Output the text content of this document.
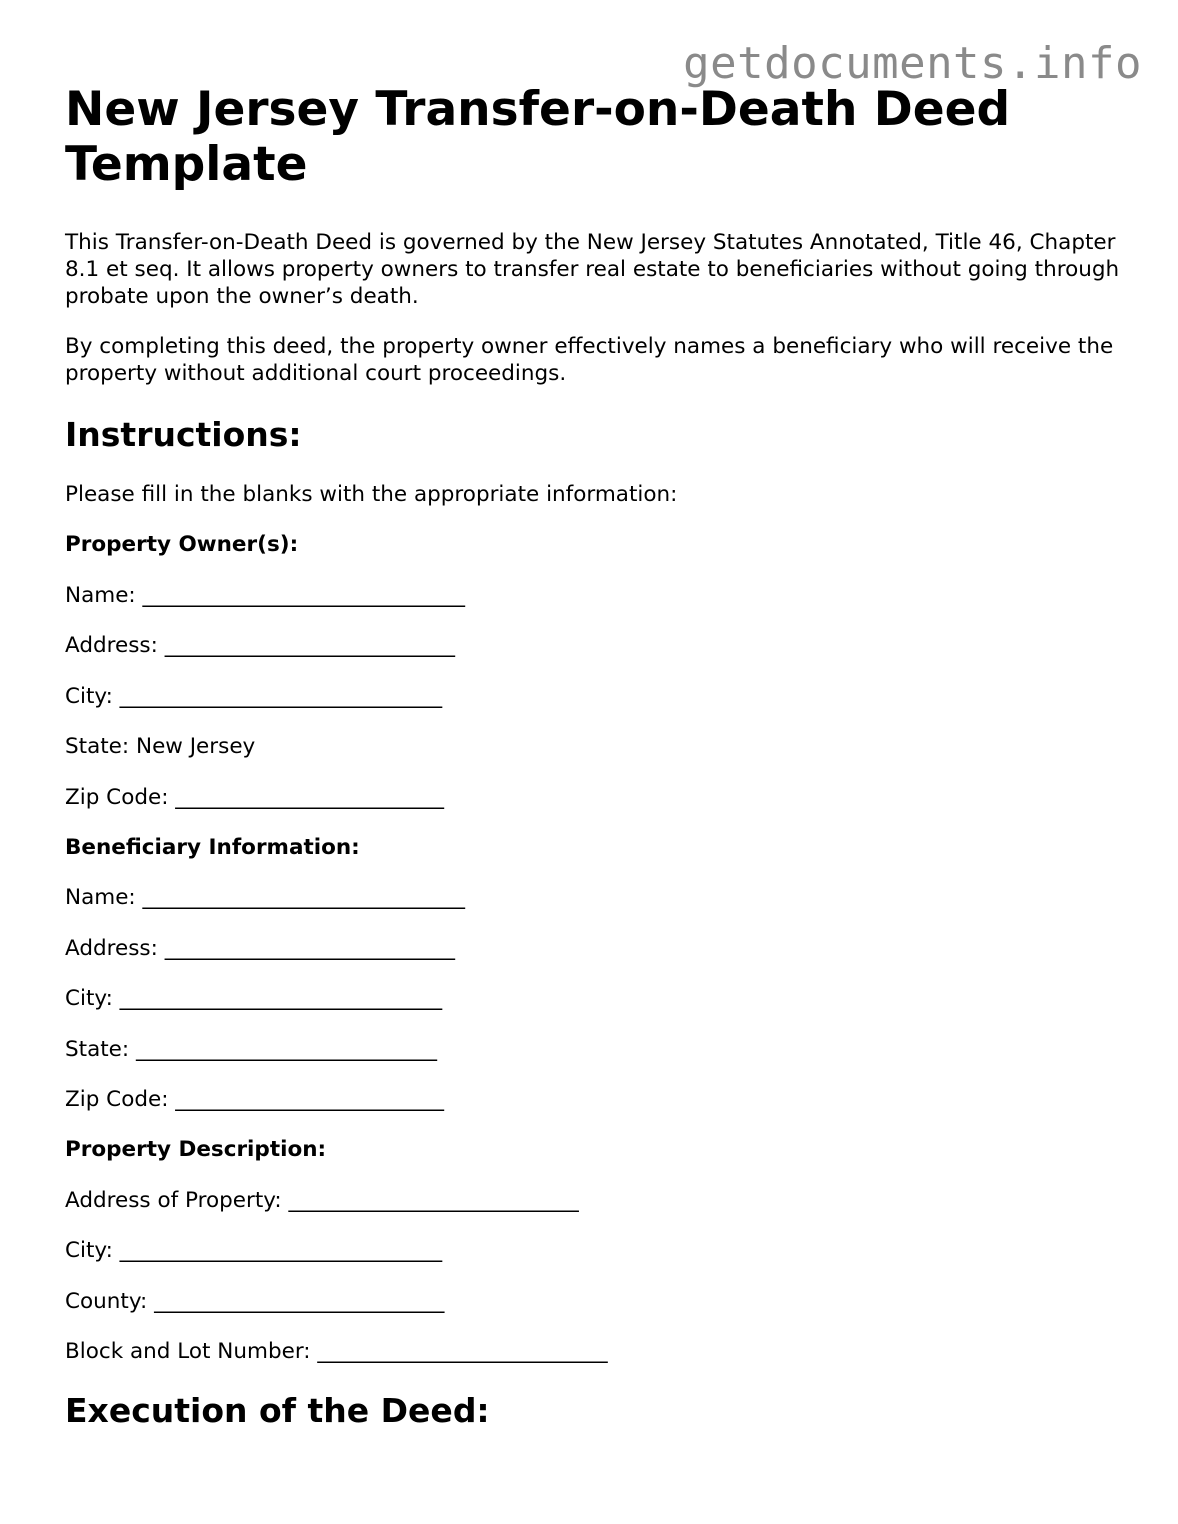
getdocuments.info
New Jersey Transfer-on-Death Deed Template

This Transfer-on-Death Deed is governed by the New Jersey Statutes Annotated, Title 46, Chapter 8.1 et seq. It allows property owners to transfer real estate to beneficiaries without going through probate upon the owner’s death.

By completing this deed, the property owner effectively names a beneficiary who will receive the property without additional court proceedings.

Instructions:

Please fill in the blanks with the appropriate information:

Property Owner(s):
Name: ______________________________
Address: ___________________________
City: ______________________________
State: New Jersey
Zip Code: _________________________
Beneficiary Information:
Name: ______________________________
Address: ___________________________
City: ______________________________
State: ____________________________
Zip Code: _________________________
Property Description:
Address of Property: ___________________________
City: ______________________________
County: ___________________________
Block and Lot Number: ___________________________
Execution of the Deed:
